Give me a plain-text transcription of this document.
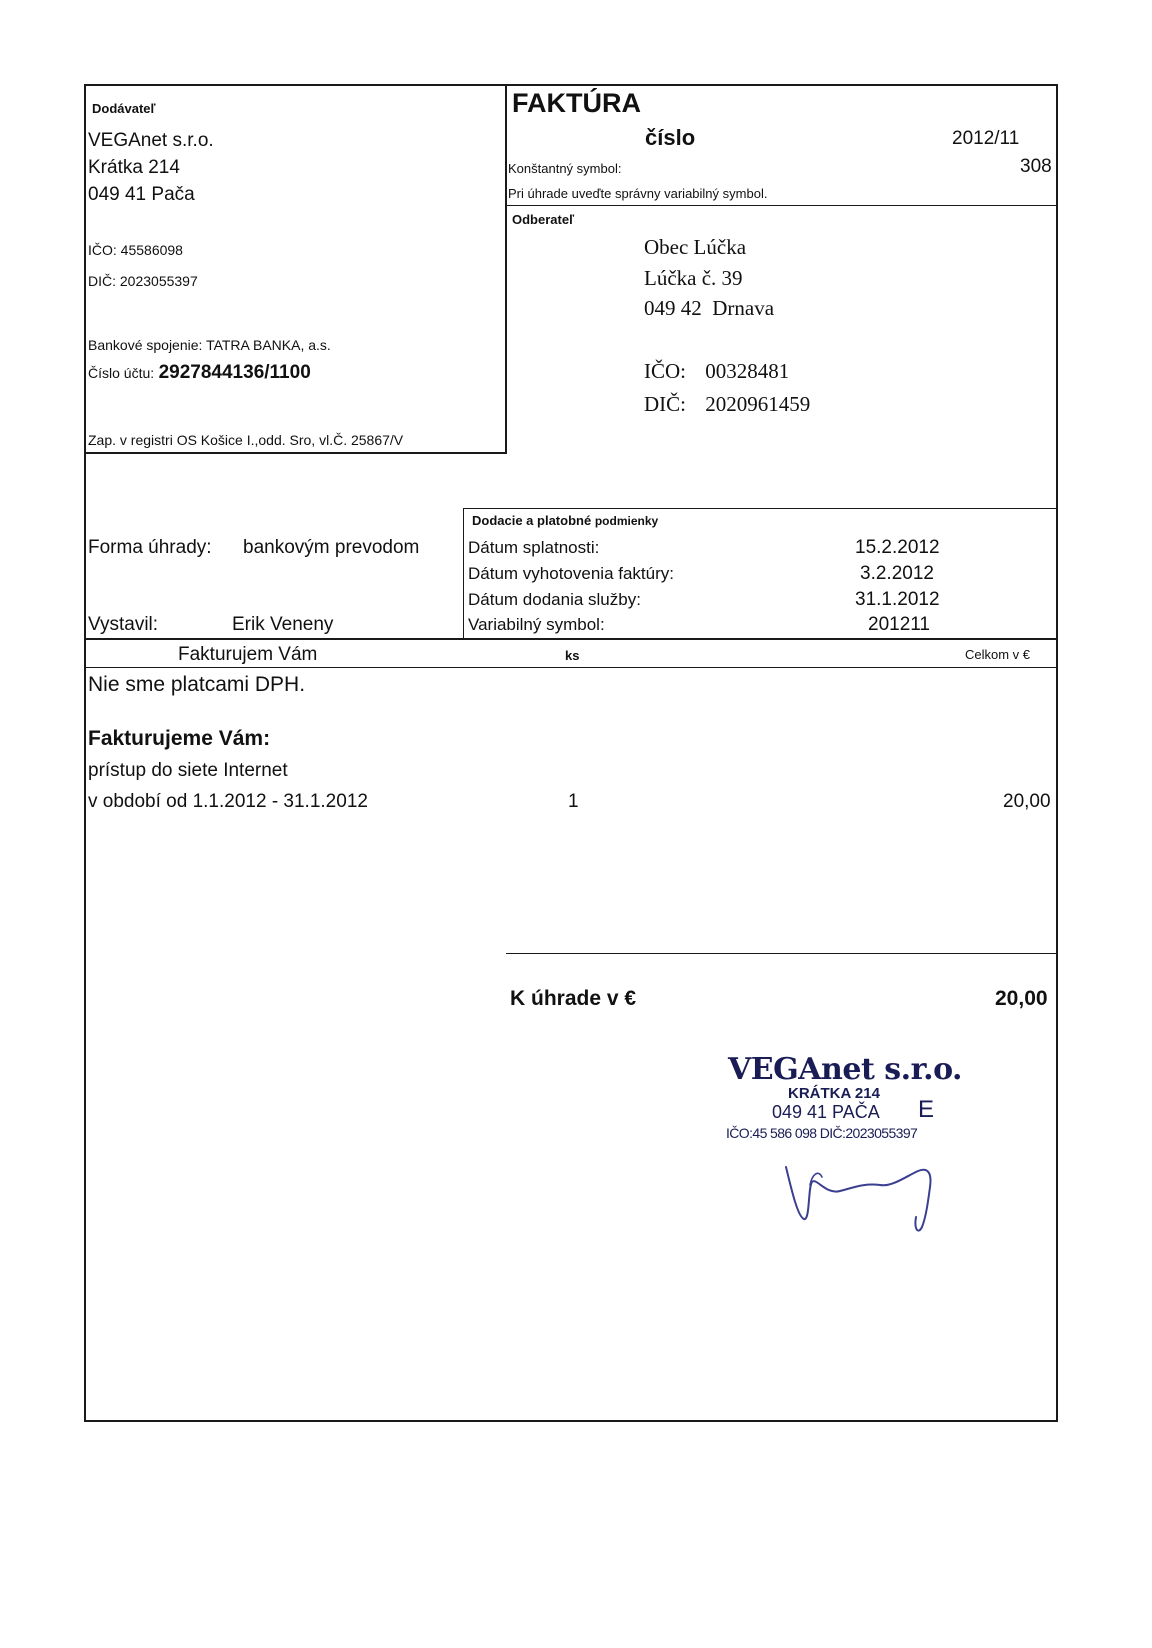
Dodávateľ
VEGAnet s.r.o.
Krátka 214
049 41 Pača
IČO: 45586098
DIČ: 2023055397
Bankové spojenie: TATRA BANKA, a.s.
Číslo účtu: 2927844136/1100
Zap. v registri OS Košice I.,odd. Sro, vl.Č. 25867/V
FAKTÚRA
číslo	2012/11
Konštantný symbol:	308
Pri úhrade uveďte správny variabilný symbol.
Odberateľ
Obec Lúčka
Lúčka č. 39
049 42  Drnava
IČO: 00328481
DIČ: 2020961459
Forma úhrady: bankovým prevodom
Vystavil:	Erik Veneny
Dodacie a platobné podmienky
Dátum splatnosti:	15.2.2012
Dátum vyhotovenia faktúry:	3.2.2012
Dátum dodania služby:	31.1.2012
Variabilný symbol:	201211
Fakturujem Vám	ks	Celkom v €
Nie sme platcami DPH.
Fakturujeme Vám:
prístup do siete Internet
v období od 1.1.2012 - 31.1.2012	1	20,00
K úhrade v €	20,00
VEGAnet s.r.o.
KRÁTKA 214
049 41 PAČA E
IČO:45 586 098 DIČ:2023055397
